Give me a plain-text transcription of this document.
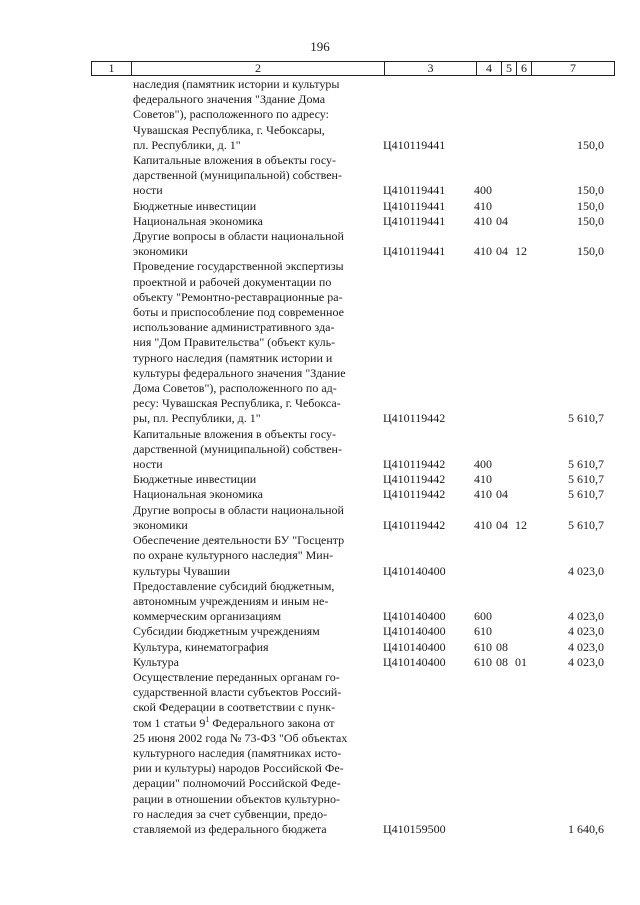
196
1	2	3	4	5	6	7
наследия (памятник истории и культуры
федерального значения "Здание Дома
Советов"), расположенного по адресу:
Чувашская Республика, г. Чебоксары,
пл. Республики, д. 1"	Ц410119441	150,0
Капитальные вложения в объекты госу-
дарственной (муниципальной) собствен-
ности	Ц410119441 400	150,0
Бюджетные инвестиции	Ц410119441 410	150,0
Национальная экономика	Ц410119441 410 04	150,0
Другие вопросы в области национальной
экономики	Ц410119441 410 04 12	150,0
Проведение государственной экспертизы
проектной и рабочей документации по
объекту "Ремонтно-реставрационные ра-
боты и приспособление под современное
использование административного зда-
ния "Дом Правительства" (объект куль-
турного наследия (памятник истории и
культуры федерального значения "Здание
Дома Советов"), расположенного по ад-
ресу: Чувашская Республика, г. Чебокса-
ры, пл. Республики, д. 1"	Ц410119442	5 610,7
Капитальные вложения в объекты госу-
дарственной (муниципальной) собствен-
ности	Ц410119442 400	5 610,7
Бюджетные инвестиции	Ц410119442 410	5 610,7
Национальная экономика	Ц410119442 410 04	5 610,7
Другие вопросы в области национальной
экономики	Ц410119442 410 04 12	5 610,7
Обеспечение деятельности БУ "Госцентр
по охране культурного наследия" Мин-
культуры Чувашии	Ц410140400	4 023,0
Предоставление субсидий бюджетным,
автономным учреждениям и иным не-
коммерческим организациям	Ц410140400 600	4 023,0
Субсидии бюджетным учреждениям	Ц410140400 610	4 023,0
Культура, кинематография	Ц410140400 610 08	4 023,0
Культура	Ц410140400 610 08 01	4 023,0
Осуществление переданных органам го-
сударственной власти субъектов Россий-
ской Федерации в соответствии с пунк-
том 1 статьи $9^1$ Федерального закона от
25 июня 2002 года № 73-ФЗ "Об объектах
культурного наследия (памятниках исто-
рии и культуры) народов Российской Фе-
дерации" полномочий Российской Феде-
рации в отношении объектов культурно-
го наследия за счет субвенции, предо-
ставляемой из федерального бюджета	Ц410159500	1 640,6
